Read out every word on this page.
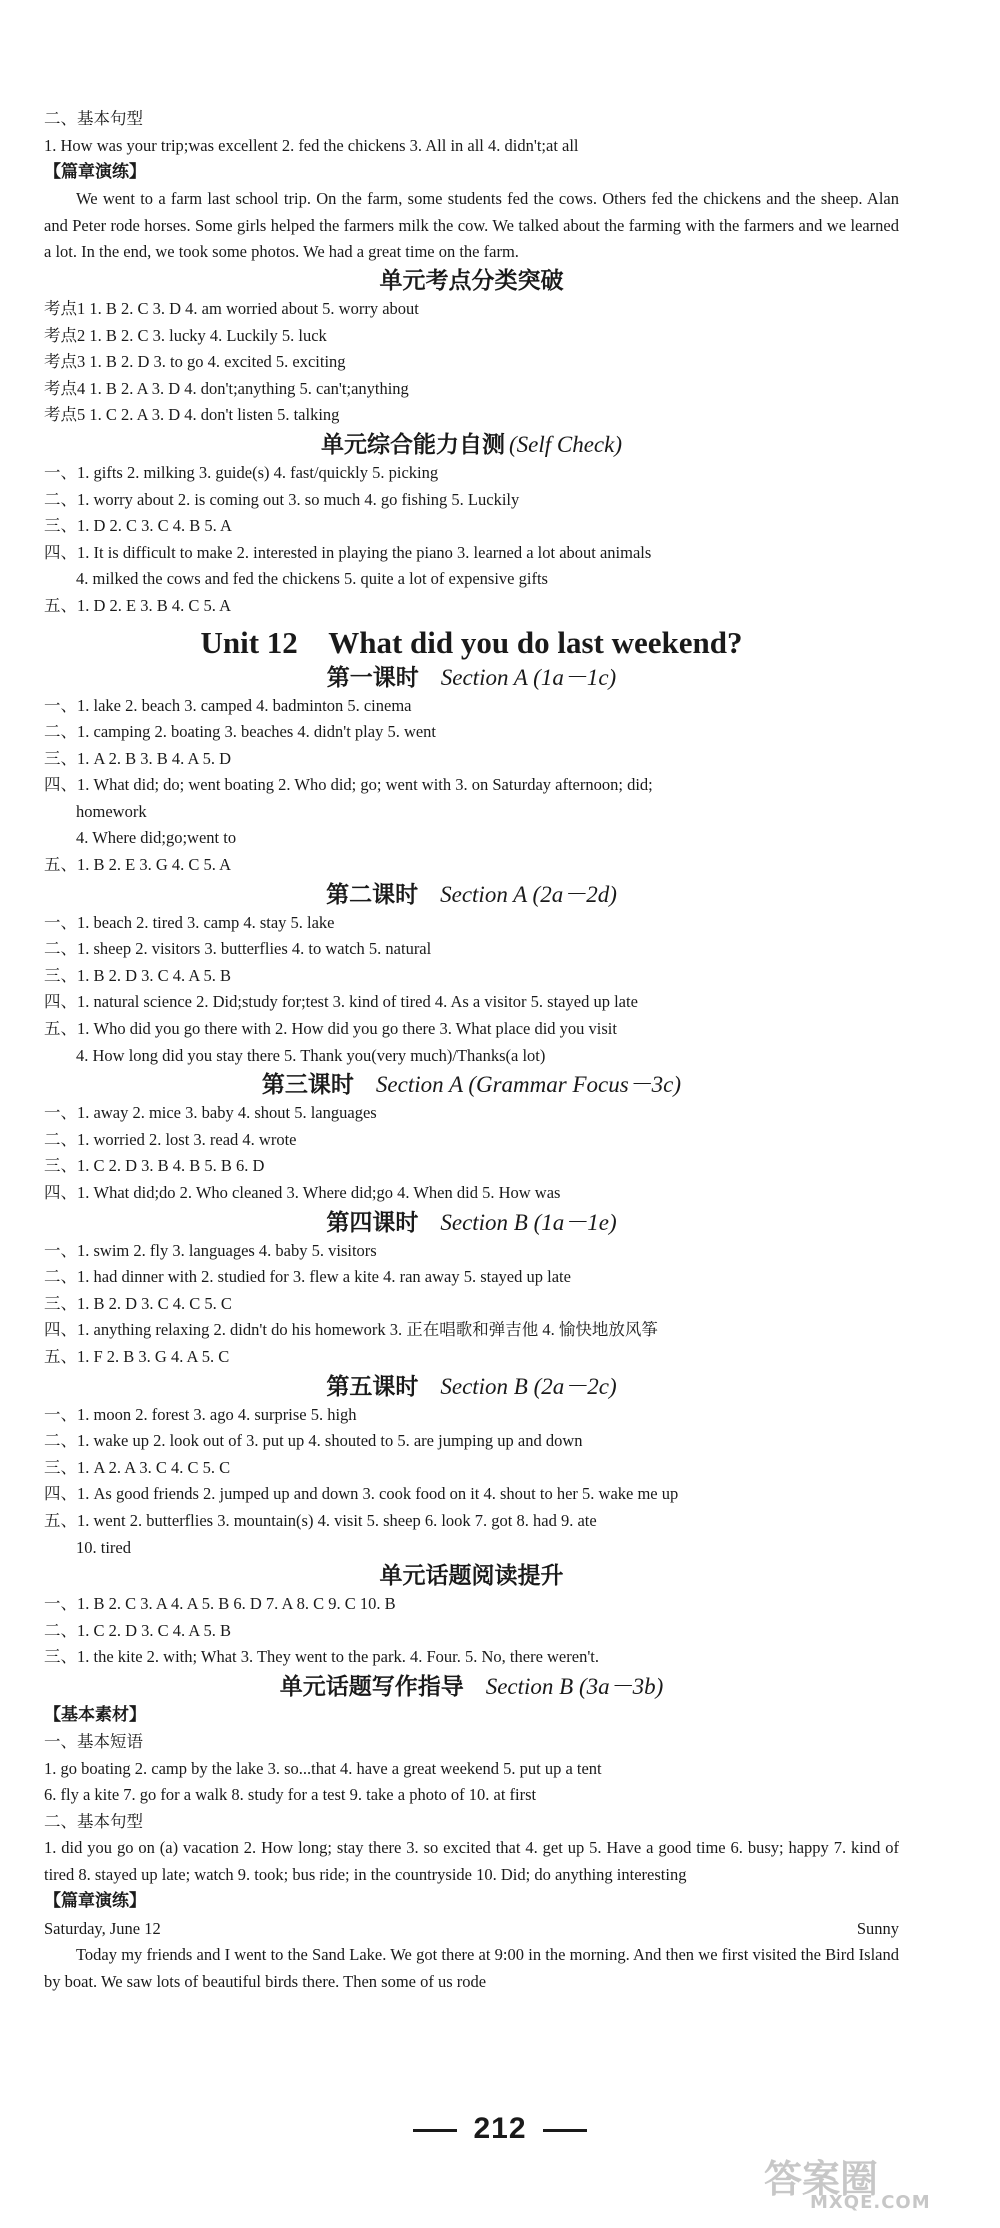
二、基本句型
1. How was your trip;was excellent 2. fed the chickens 3. All in all 4. didn't;at all
【篇章演练】
We went to a farm last school trip. On the farm, some students fed the cows. Others fed the chickens and the sheep. Alan and Peter rode horses. Some girls helped the farmers milk the cow. We talked about the farming with the farmers and we learned a lot. In the end, we took some photos. We had a great time on the farm.
单元考点分类突破
考点1 1. B 2. C 3. D 4. am worried about 5. worry about
考点2 1. B 2. C 3. lucky 4. Luckily 5. luck
考点3 1. B 2. D 3. to go 4. excited 5. exciting
考点4 1. B 2. A 3. D 4. don't;anything 5. can't;anything
考点5 1. C 2. A 3. D 4. don't listen 5. talking
单元综合能力自测 (Self Check)
一、1. gifts 2. milking 3. guide(s) 4. fast/quickly 5. picking
二、1. worry about 2. is coming out 3. so much 4. go fishing 5. Luckily
三、1. D 2. C 3. C 4. B 5. A
四、1. It is difficult to make 2. interested in playing the piano 3. learned a lot about animals
4. milked the cows and fed the chickens 5. quite a lot of expensive gifts
五、1. D 2. E 3. B 4. C 5. A
Unit 12    What did you do last weekend?
第一课时 Section A (1a－1c)
一、1. lake 2. beach 3. camped 4. badminton 5. cinema
二、1. camping 2. boating 3. beaches 4. didn't play 5. went
三、1. A 2. B 3. B 4. A 5. D
四、1. What did; do; went boating 2. Who did; go; went with 3. on Saturday afternoon; did;
homework
4. Where did;go;went to
五、1. B 2. E 3. G 4. C 5. A
第二课时 Section A (2a－2d)
一、1. beach 2. tired 3. camp 4. stay 5. lake
二、1. sheep 2. visitors 3. butterflies 4. to watch 5. natural
三、1. B 2. D 3. C 4. A 5. B
四、1. natural science 2. Did;study for;test 3. kind of tired 4. As a visitor 5. stayed up late
五、1. Who did you go there with 2. How did you go there 3. What place did you visit
4. How long did you stay there 5. Thank you(very much)/Thanks(a lot)
第三课时 Section A (Grammar Focus－3c)
一、1. away 2. mice 3. baby 4. shout 5. languages
二、1. worried 2. lost 3. read 4. wrote
三、1. C 2. D 3. B 4. B 5. B 6. D
四、1. What did;do 2. Who cleaned 3. Where did;go 4. When did 5. How was
第四课时 Section B (1a－1e)
一、1. swim 2. fly 3. languages 4. baby 5. visitors
二、1. had dinner with 2. studied for 3. flew a kite 4. ran away 5. stayed up late
三、1. B 2. D 3. C 4. C 5. C
四、1. anything relaxing 2. didn't do his homework 3. 正在唱歌和弹吉他 4. 愉快地放风筝
五、1. F 2. B 3. G 4. A 5. C
第五课时 Section B (2a－2c)
一、1. moon 2. forest 3. ago 4. surprise 5. high
二、1. wake up 2. look out of 3. put up 4. shouted to 5. are jumping up and down
三、1. A 2. A 3. C 4. C 5. C
四、1. As good friends 2. jumped up and down 3. cook food on it 4. shout to her 5. wake me up
五、1. went 2. butterflies 3. mountain(s) 4. visit 5. sheep 6. look 7. got 8. had 9. ate
10. tired
单元话题阅读提升
一、1. B 2. C 3. A 4. A 5. B 6. D 7. A 8. C 9. C 10. B
二、1. C 2. D 3. C 4. A 5. B
三、1. the kite 2. with; What 3. They went to the park. 4. Four. 5. No, there weren't.
单元话题写作指导 Section B (3a－3b)
【基本素材】
一、基本短语
1. go boating 2. camp by the lake 3. so...that 4. have a great weekend 5. put up a tent
6. fly a kite 7. go for a walk 8. study for a test 9. take a photo of 10. at first
二、基本句型
1. did you go on (a) vacation 2. How long; stay there 3. so excited that 4. get up 5. Have a good time 6. busy; happy 7. kind of tired 8. stayed up late; watch 9. took; bus ride; in the countryside 10. Did; do anything interesting
【篇章演练】
Saturday, June 12	Sunny
Today my friends and I went to the Sand Lake. We got there at 9:00 in the morning. And then we first visited the Bird Island by boat. We saw lots of beautiful birds there. Then some of us rode
212
答案圈
MXQE.COM
